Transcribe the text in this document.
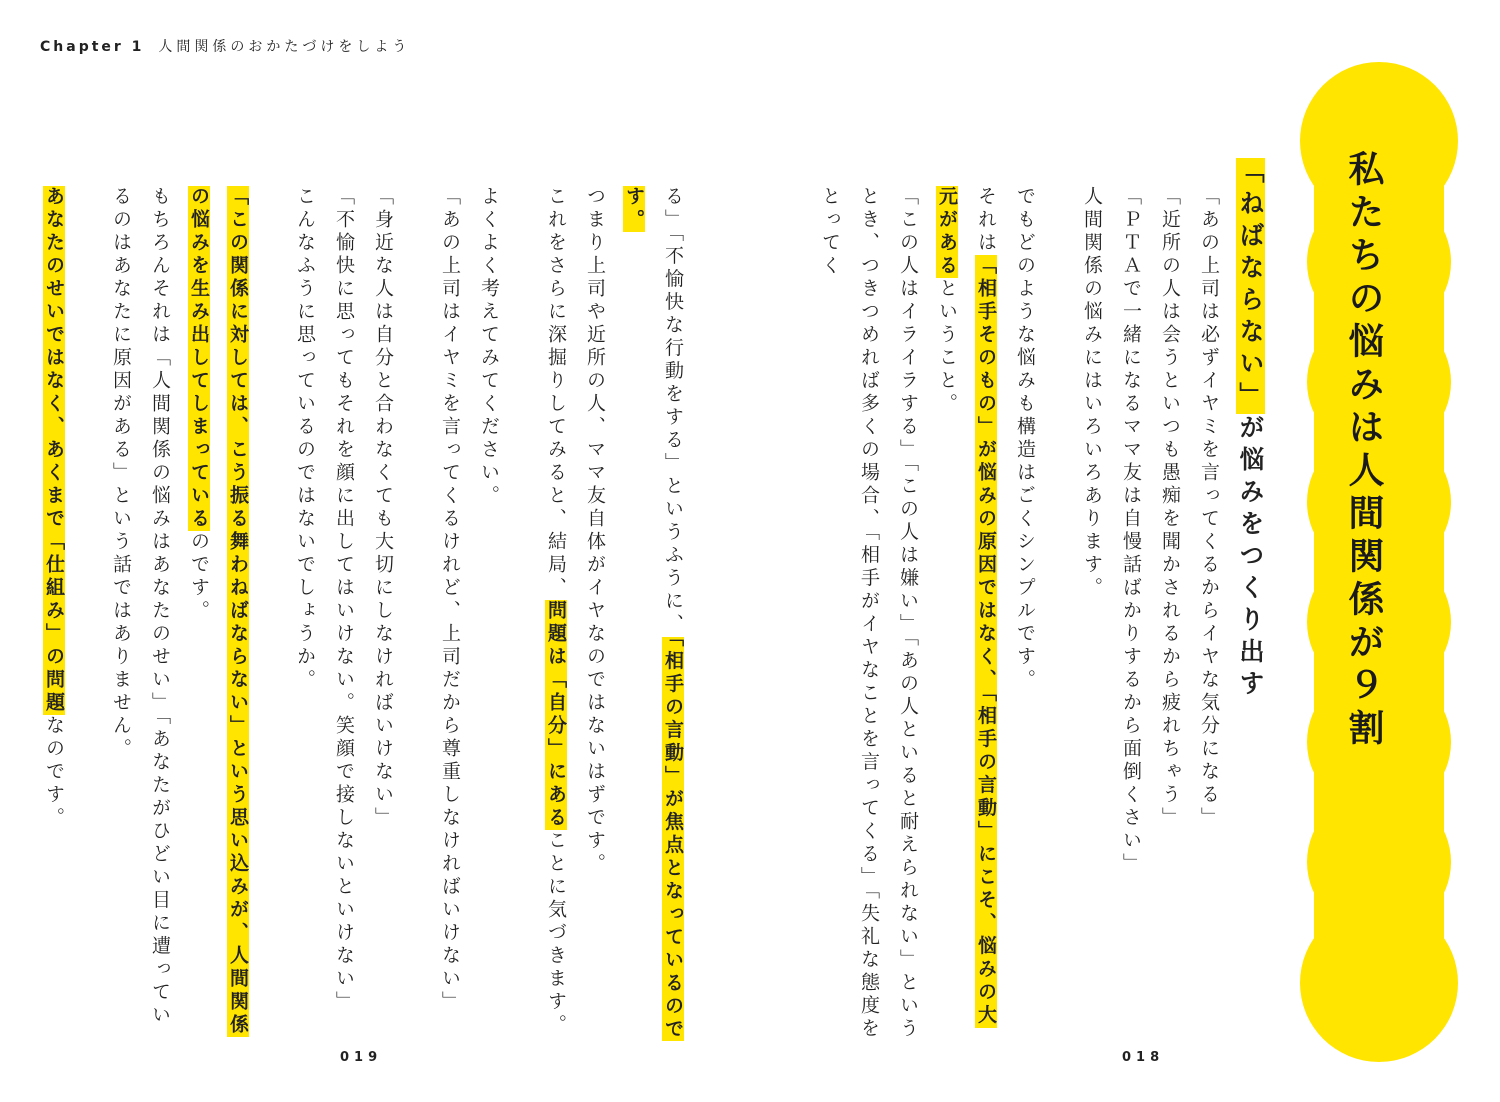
Chapter 1 人間関係のおかたづけをしよう
私たちの悩みは人間関係が９割
「ねばならない」が悩みをつくり出す

「あの上司は必ずイヤミを言ってくるからイヤな気分になる」

「近所の人は会うといつも愚痴を聞かされるから疲れちゃう」

「ＰＴＡで一緒になるママ友は自慢話ばかりするから面倒くさい」

人間関係の悩みにはいろいろあります。

でもどのような悩みも構造はごくシンプルです。

それは「相手そのもの」が悩みの原因ではなく、「相手の言動」にこそ、悩みの大元があるということ。

「この人はイライラする」「この人は嫌い」「あの人といると耐えられない」というとき、つきつめれば多くの場合、「相手がイヤなことを言ってくる」「失礼な態度をとってく

る」「不愉快な行動をする」というふうに、「相手の言動」が焦点となっているのです。

つまり上司や近所の人、ママ友自体がイヤなのではないはずです。

これをさらに深掘りしてみると、結局、問題は「自分」にあることに気づきます。

よくよく考えてみてください。

「あの上司はイヤミを言ってくるけれど、上司だから尊重しなければいけない」

「身近な人は自分と合わなくても大切にしなければいけない」

「不愉快に思ってもそれを顔に出してはいけない。笑顔で接しないといけない」

こんなふうに思っているのではないでしょうか。

「この関係に対しては、こう振る舞わねばならない」という思い込みが、人間関係の悩みを生み出してしまっているのです。

もちろんそれは「人間関係の悩みはあなたのせい」「あなたがひどい目に遭っているのはあなたに原因がある」という話ではありません。

あなたのせいではなく、あくまで「仕組み」の問題なのです。

018
019
